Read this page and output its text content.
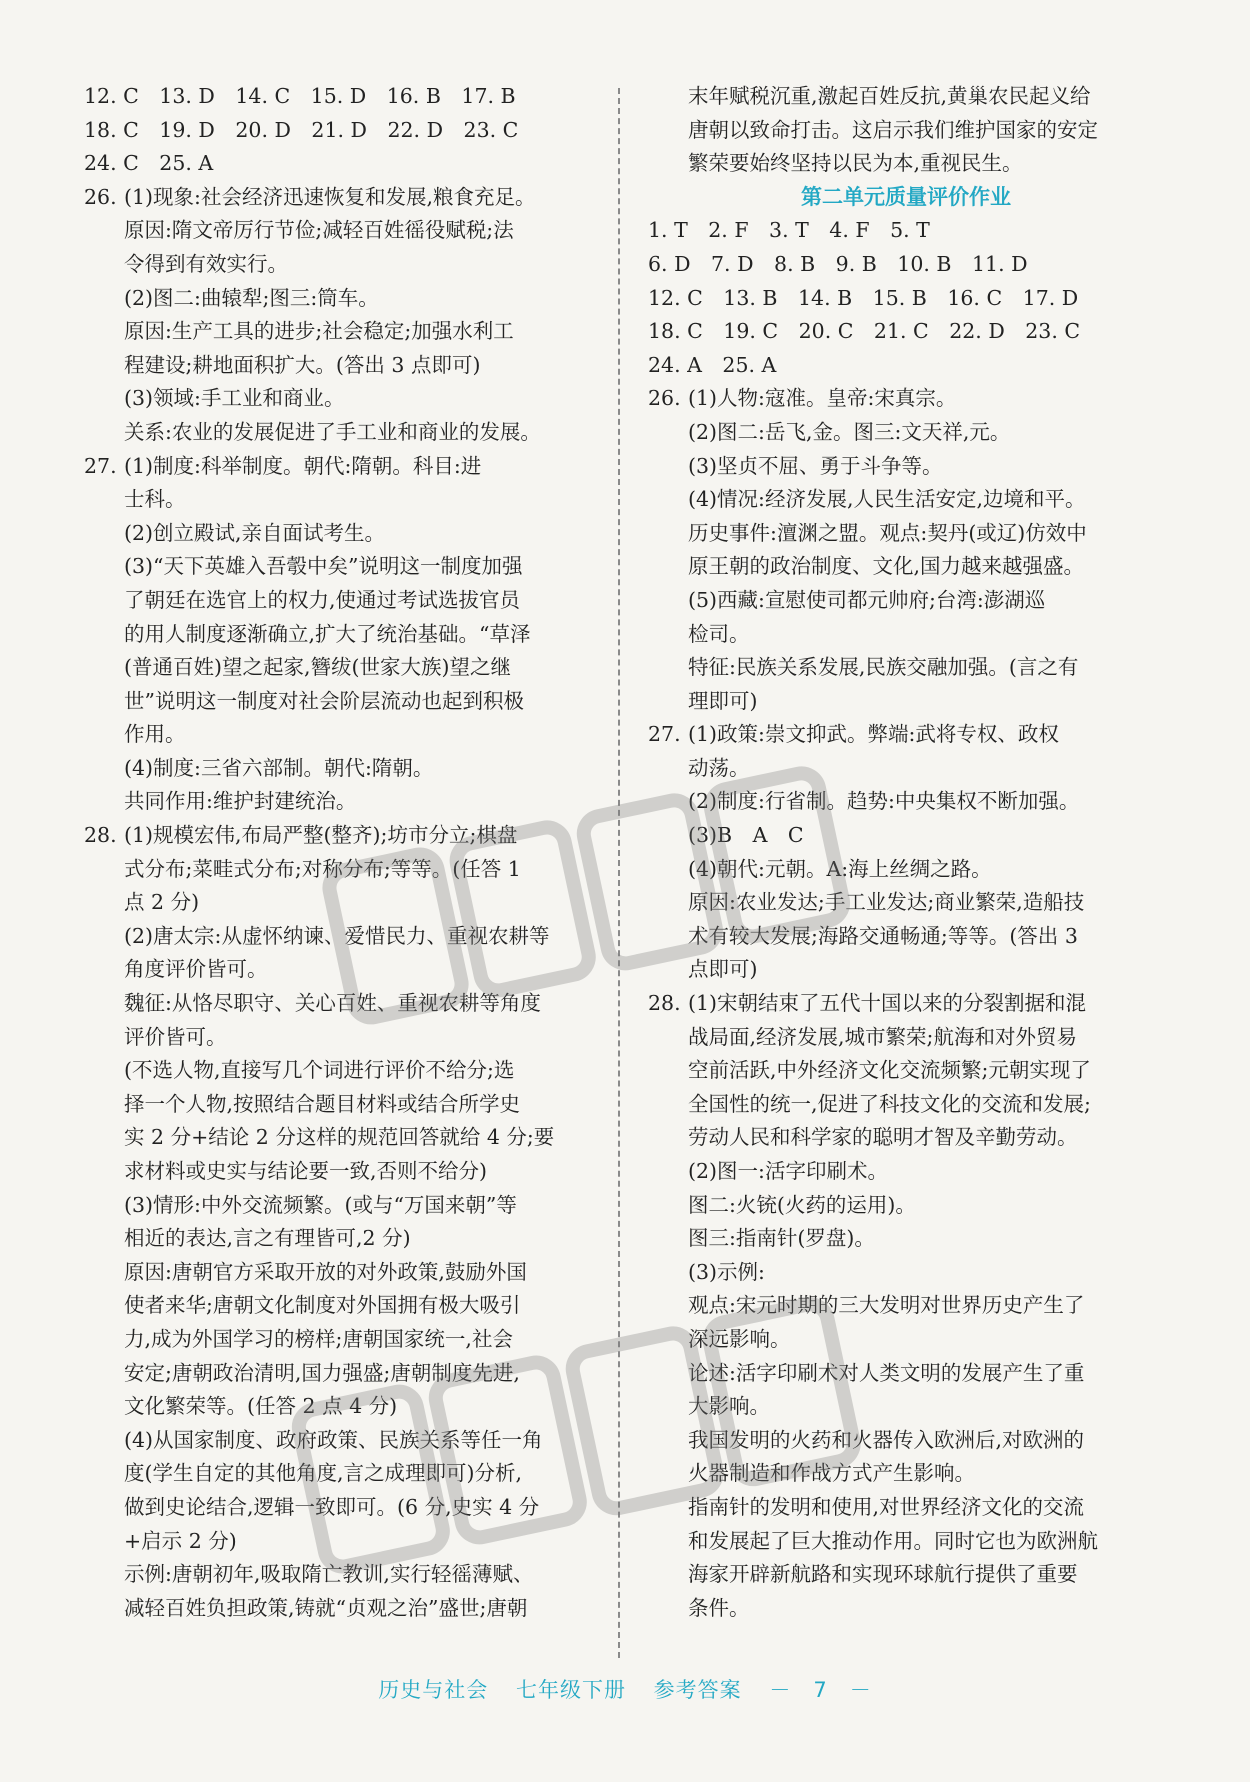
12. C　13. D　14. C　15. D　16. B　17. B
18. C　19. D　20. D　21. D　22. D　23. C
24. C　25. A
26. (1)现象:社会经济迅速恢复和发展,粮食充足。
原因:隋文帝厉行节俭;减轻百姓徭役赋税;法
令得到有效实行。
(2)图二:曲辕犁;图三:筒车。
原因:生产工具的进步;社会稳定;加强水利工
程建设;耕地面积扩大。(答出 3 点即可)
(3)领域:手工业和商业。
关系:农业的发展促进了手工业和商业的发展。
27. (1)制度:科举制度。朝代:隋朝。科目:进
士科。
(2)创立殿试,亲自面试考生。
(3)“天下英雄入吾彀中矣”说明这一制度加强
了朝廷在选官上的权力,使通过考试选拔官员
的用人制度逐渐确立,扩大了统治基础。“草泽
(普通百姓)望之起家,簪绂(世家大族)望之继
世”说明这一制度对社会阶层流动也起到积极
作用。
(4)制度:三省六部制。朝代:隋朝。
共同作用:维护封建统治。
28. (1)规模宏伟,布局严整(整齐);坊市分立;棋盘
式分布;菜畦式分布;对称分布;等等。(任答 1
点 2 分)
(2)唐太宗:从虚怀纳谏、爱惜民力、重视农耕等
角度评价皆可。
魏征:从恪尽职守、关心百姓、重视农耕等角度
评价皆可。
(不选人物,直接写几个词进行评价不给分;选
择一个人物,按照结合题目材料或结合所学史
实 2 分+结论 2 分这样的规范回答就给 4 分;要
求材料或史实与结论要一致,否则不给分)
(3)情形:中外交流频繁。(或与“万国来朝”等
相近的表达,言之有理皆可,2 分)
原因:唐朝官方采取开放的对外政策,鼓励外国
使者来华;唐朝文化制度对外国拥有极大吸引
力,成为外国学习的榜样;唐朝国家统一,社会
安定;唐朝政治清明,国力强盛;唐朝制度先进,
文化繁荣等。(任答 2 点 4 分)
(4)从国家制度、政府政策、民族关系等任一角
度(学生自定的其他角度,言之成理即可)分析,
做到史论结合,逻辑一致即可。(6 分,史实 4 分
+启示 2 分)
示例:唐朝初年,吸取隋亡教训,实行轻徭薄赋、
减轻百姓负担政策,铸就“贞观之治”盛世;唐朝
末年赋税沉重,激起百姓反抗,黄巢农民起义给
唐朝以致命打击。这启示我们维护国家的安定
繁荣要始终坚持以民为本,重视民生。
第二单元质量评价作业
1. T　2. F　3. T　4. F　5. T
6. D　7. D　8. B　9. B　10. B　11. D
12. C　13. B　14. B　15. B　16. C　17. D
18. C　19. C　20. C　21. C　22. D　23. C
24. A　25. A
26. (1)人物:寇准。皇帝:宋真宗。
(2)图二:岳飞,金。图三:文天祥,元。
(3)坚贞不屈、勇于斗争等。
(4)情况:经济发展,人民生活安定,边境和平。
历史事件:澶渊之盟。观点:契丹(或辽)仿效中
原王朝的政治制度、文化,国力越来越强盛。
(5)西藏:宣慰使司都元帅府;台湾:澎湖巡
检司。
特征:民族关系发展,民族交融加强。(言之有
理即可)
27. (1)政策:崇文抑武。弊端:武将专权、政权
动荡。
(2)制度:行省制。趋势:中央集权不断加强。
(3)B　A　C
(4)朝代:元朝。A:海上丝绸之路。
原因:农业发达;手工业发达;商业繁荣,造船技
术有较大发展;海路交通畅通;等等。(答出 3
点即可)
28. (1)宋朝结束了五代十国以来的分裂割据和混
战局面,经济发展,城市繁荣;航海和对外贸易
空前活跃,中外经济文化交流频繁;元朝实现了
全国性的统一,促进了科技文化的交流和发展;
劳动人民和科学家的聪明才智及辛勤劳动。
(2)图一:活字印刷术。
图二:火铳(火药的运用)。
图三:指南针(罗盘)。
(3)示例:
观点:宋元时期的三大发明对世界历史产生了
深远影响。
论述:活字印刷术对人类文明的发展产生了重
大影响。
我国发明的火药和火器传入欧洲后,对欧洲的
火器制造和作战方式产生影响。
指南针的发明和使用,对世界经济文化的交流
和发展起了巨大推动作用。同时它也为欧洲航
海家开辟新航路和实现环球航行提供了重要
条件。
历史与社会 七年级下册 参考答案 －　7　－
